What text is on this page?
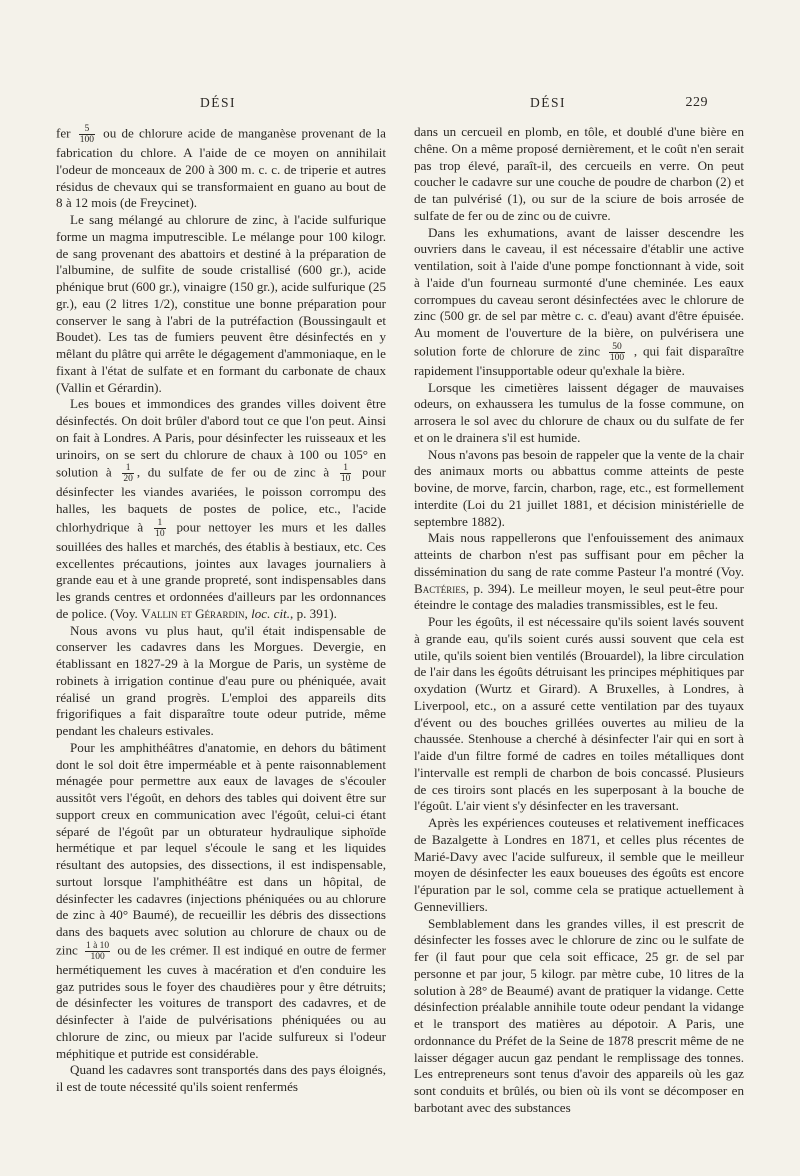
DÉSI	DÉSI	229

fer $\frac{5}{100}$ ou de chlorure acide de manganèse provenant de la fabrication du chlore. A l'aide de ce moyen on annihilait l'odeur de monceaux de 200 à 300 m. c. c. de triperie et autres résidus de chevaux qui se transformaient en guano au bout de 8 à 12 mois (de Freycinet).

Le sang mélangé au chlorure de zinc, à l'acide sulfurique forme un magma imputrescible. Le mélange pour 100 kilogr. de sang provenant des abattoirs et destiné à la préparation de l'albumine, de sulfite de soude cristallisé (600 gr.), acide phénique brut (600 gr.), vinaigre (150 gr.), acide sulfurique (25 gr.), eau (2 litres 1/2), constitue une bonne préparation pour conserver le sang à l'abri de la putréfaction (Boussingault et Boudet). Les tas de fumiers peuvent être désinfectés en y mêlant du plâtre qui arrête le dégagement d'ammoniaque, en le fixant à l'état de sulfate et en formant du carbonate de chaux (Vallin et Gérardin).

Les boues et immondices des grandes villes doivent être désinfectés. On doit brûler d'abord tout ce que l'on peut. Ainsi on fait à Londres. A Paris, pour désinfecter les ruisseaux et les urinoirs, on se sert du chlorure de chaux à 100 ou 105° en solution à $\frac{1}{20}$ , du sulfate de fer ou de zinc à $\frac{1}{10}$ pour désinfecter les viandes avariées, le poisson corrompu des halles, les baquets de postes de police, etc., l'acide chlorhydrique à $\frac{1}{10}$ pour nettoyer les murs et les dalles souillées des halles et marchés, des établis à bestiaux, etc. Ces excellentes précautions, jointes aux lavages journaliers à grande eau et à une grande propreté, sont indispensables dans les grands centres et ordonnées d'ailleurs par les ordonnances de police. (Voy. Vallin et Gérardin, loc. cit., p. 391).

Nous avons vu plus haut, qu'il était indispensable de conserver les cadavres dans les Morgues. Devergie, en établissant en 1827-29 à la Morgue de Paris, un système de robinets à irrigation continue d'eau pure ou phéniquée, avait réalisé un grand progrès. L'emploi des appareils dits frigorifiques a fait disparaître toute odeur putride, même pendant les chaleurs estivales.

Pour les amphithéâtres d'anatomie, en dehors du bâtiment dont le sol doit être imperméable et à pente raisonnablement ménagée pour permettre aux eaux de lavages de s'écouler aussitôt vers l'égoût, en dehors des tables qui doivent être sur support creux en communication avec l'égoût, celui-ci étant séparé de l'égoût par un obturateur hydraulique siphoïde hermétique et par lequel s'écoule le sang et les liquides résultant des autopsies, des dissections, il est indispensable, surtout lorsque l'amphithéâtre est dans un hôpital, de désinfecter les cadavres (injections phéniquées ou au chlorure de zinc à 40° Baumé), de recueillir les débris des dissections dans des baquets avec solution au chlorure de chaux ou de zinc $\frac{1 à 10}{100}$ ou de les crémer. Il est indiqué en outre de fermer hermétiquement les cuves à macération et d'en conduire les gaz putrides sous le foyer des chaudières pour y être détruits; de désinfecter les voitures de transport des cadavres, et de désinfecter à l'aide de pulvérisations phéniquées ou au chlorure de zinc, ou mieux par l'acide sulfureux si l'odeur méphitique et putride est considérable.

Quand les cadavres sont transportés dans des pays éloignés, il est de toute nécessité qu'ils soient renfermés

dans un cercueil en plomb, en tôle, et doublé d'une bière en chêne. On a même proposé dernièrement, et le coût n'en serait pas trop élevé, paraît-il, des cercueils en verre. On peut coucher le cadavre sur une couche de poudre de charbon (2) et de tan pulvérisé (1), ou sur de la sciure de bois arrosée de sulfate de fer ou de zinc ou de cuivre.

Dans les exhumations, avant de laisser descendre les ouvriers dans le caveau, il est nécessaire d'établir une active ventilation, soit à l'aide d'une pompe fonctionnant à vide, soit à l'aide d'un fourneau surmonté d'une cheminée. Les eaux corrompues du caveau seront désinfectées avec le chlorure de zinc (500 gr. de sel par mètre c. c. d'eau) avant d'être épuisée. Au moment de l'ouverture de la bière, on pulvérisera une solution forte de chlorure de zinc $\frac{50}{100}$ , qui fait disparaître rapidement l'insupportable odeur qu'exhale la bière.

Lorsque les cimetières laissent dégager de mauvaises odeurs, on exhaussera les tumulus de la fosse commune, on arrosera le sol avec du chlorure de chaux ou du sulfate de fer et on le drainera s'il est humide.

Nous n'avons pas besoin de rappeler que la vente de la chair des animaux morts ou abbattus comme atteints de peste bovine, de morve, farcin, charbon, rage, etc., est formellement interdite (Loi du 21 juillet 1881, et décision ministérielle de septembre 1882).

Mais nous rappellerons que l'enfouissement des animaux atteints de charbon n'est pas suffisant pour em pêcher la dissémination du sang de rate comme Pasteur l'a montré (Voy. Bactéries, p. 394). Le meilleur moyen, le seul peut-être pour éteindre le contage des maladies transmissibles, est le feu.

Pour les égoûts, il est nécessaire qu'ils soient lavés souvent à grande eau, qu'ils soient curés aussi souvent que cela est utile, qu'ils soient bien ventilés (Brouardel), la libre circulation de l'air dans les égoûts détruisant les principes méphitiques par oxydation (Wurtz et Girard). A Bruxelles, à Londres, à Liverpool, etc., on a assuré cette ventilation par des tuyaux d'évent ou des bouches grillées ouvertes au milieu de la chaussée. Stenhouse a cherché à désinfecter l'air qui en sort à l'aide d'un filtre formé de cadres en toiles métalliques dont l'intervalle est rempli de charbon de bois concassé. Plusieurs de ces tiroirs sont placés en les superposant à la bouche de l'égoût. L'air vient s'y désinfecter en les traversant.

Après les expériences couteuses et relativement inefficaces de Bazalgette à Londres en 1871, et celles plus récentes de Marié-Davy avec l'acide sulfureux, il semble que le meilleur moyen de désinfecter les eaux boueuses des égoûts est encore l'épuration par le sol, comme cela se pratique actuellement à Gennevilliers.

Semblablement dans les grandes villes, il est prescrit de désinfecter les fosses avec le chlorure de zinc ou le sulfate de fer (il faut pour que cela soit efficace, 25 gr. de sel par personne et par jour, 5 kilogr. par mètre cube, 10 litres de la solution à 28° de Beaumé) avant de pratiquer la vidange. Cette désinfection préalable annihile toute odeur pendant la vidange et le transport des matières au dépotoir. A Paris, une ordonnance du Préfet de la Seine de 1878 prescrit même de ne laisser dégager aucun gaz pendant le remplissage des tonnes. Les entrepreneurs sont tenus d'avoir des appareils où les gaz sont conduits et brûlés, ou bien où ils vont se décomposer en barbotant avec des substances
